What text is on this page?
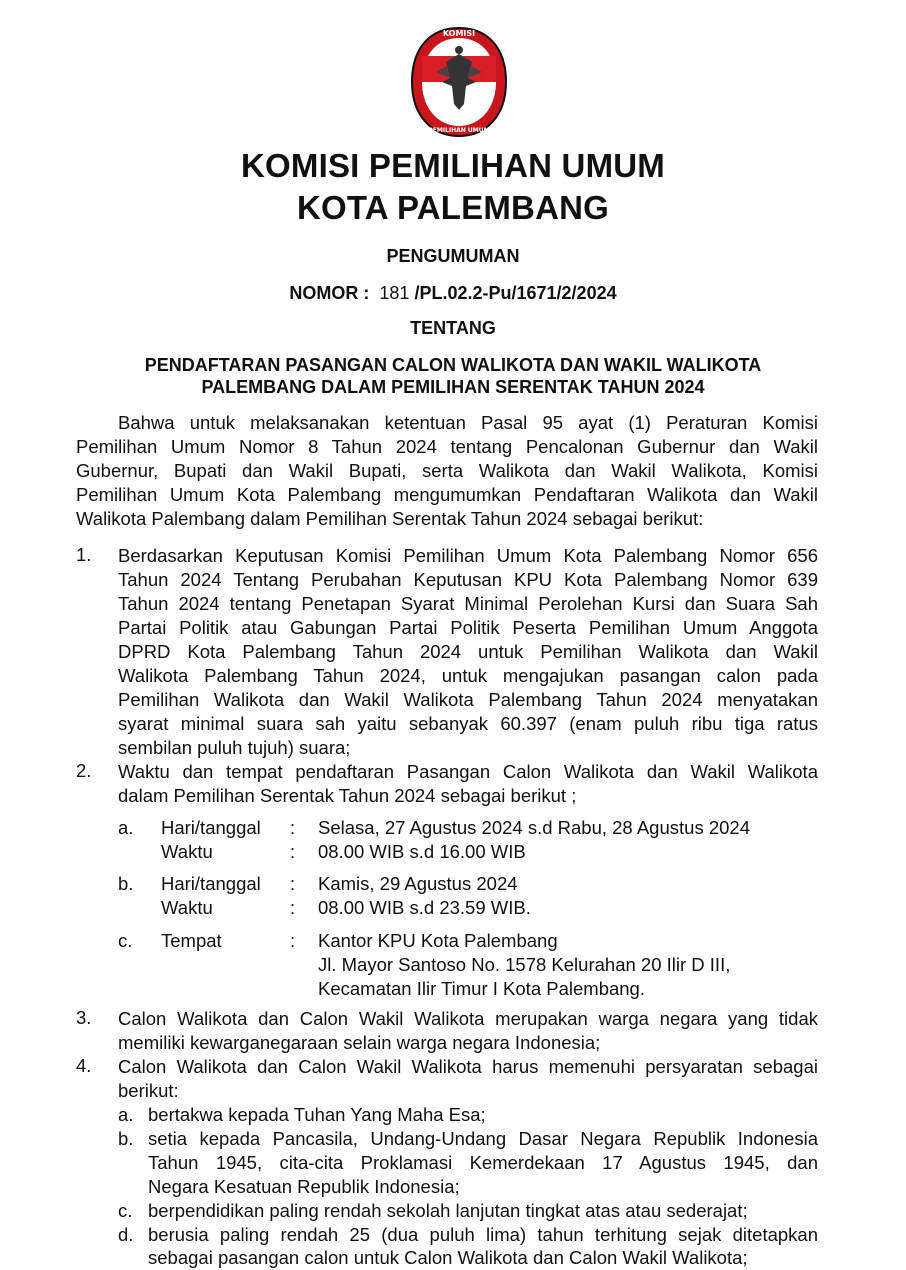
KOMISI
PEMILIHAN UMUM
KOMISI PEMILIHAN UMUM
KOTA PALEMBANG
PENGUMUMAN
NOMOR : 181 /PL.02.2-Pu/1671/2/2024
TENTANG
PENDAFTARAN PASANGAN CALON WALIKOTA DAN WAKIL WALIKOTA
PALEMBANG DALAM PEMILIHAN SERENTAK TAHUN 2024
Bahwa untuk melaksanakan ketentuan Pasal 95 ayat (1) Peraturan Komisi
Pemilihan Umum Nomor 8 Tahun 2024 tentang Pencalonan Gubernur dan Wakil
Gubernur, Bupati dan Wakil Bupati, serta Walikota dan Wakil Walikota, Komisi
Pemilihan Umum Kota Palembang mengumumkan Pendaftaran Walikota dan Wakil
Walikota Palembang dalam Pemilihan Serentak Tahun 2024 sebagai berikut:
1. Berdasarkan Keputusan Komisi Pemilihan Umum Kota Palembang Nomor 656
Tahun 2024 Tentang Perubahan Keputusan KPU Kota Palembang Nomor 639
Tahun 2024 tentang Penetapan Syarat Minimal Perolehan Kursi dan Suara Sah
Partai Politik atau Gabungan Partai Politik Peserta Pemilihan Umum Anggota
DPRD Kota Palembang Tahun 2024 untuk Pemilihan Walikota dan Wakil
Walikota Palembang Tahun 2024, untuk mengajukan pasangan calon pada
Pemilihan Walikota dan Wakil Walikota Palembang Tahun 2024 menyatakan
syarat minimal suara sah yaitu sebanyak 60.397 (enam puluh ribu tiga ratus
sembilan puluh tujuh) suara;
2. Waktu dan tempat pendaftaran Pasangan Calon Walikota dan Wakil Walikota
dalam Pemilihan Serentak Tahun 2024 sebagai berikut ;
a. Hari/tanggal : Selasa, 27 Agustus 2024 s.d Rabu, 28 Agustus 2024
Waktu	: 08.00 WIB s.d 16.00 WIB
b. Hari/tanggal : Kamis, 29 Agustus 2024
Waktu	: 08.00 WIB s.d 23.59 WIB.
c. Tempat	: Kantor KPU Kota Palembang
Jl. Mayor Santoso No. 1578 Kelurahan 20 Ilir D III,
Kecamatan Ilir Timur I Kota Palembang.
3. Calon Walikota dan Calon Wakil Walikota merupakan warga negara yang tidak
memiliki kewarganegaraan selain warga negara Indonesia;
4. Calon Walikota dan Calon Wakil Walikota harus memenuhi persyaratan sebagai
berikut:
a. bertakwa kepada Tuhan Yang Maha Esa;
b. setia kepada Pancasila, Undang-Undang Dasar Negara Republik Indonesia
Tahun 1945, cita-cita Proklamasi Kemerdekaan 17 Agustus 1945, dan
Negara Kesatuan Republik Indonesia;
c. berpendidikan paling rendah sekolah lanjutan tingkat atas atau sederajat;
d. berusia paling rendah 25 (dua puluh lima) tahun terhitung sejak ditetapkan
sebagai pasangan calon untuk Calon Walikota dan Calon Wakil Walikota;
